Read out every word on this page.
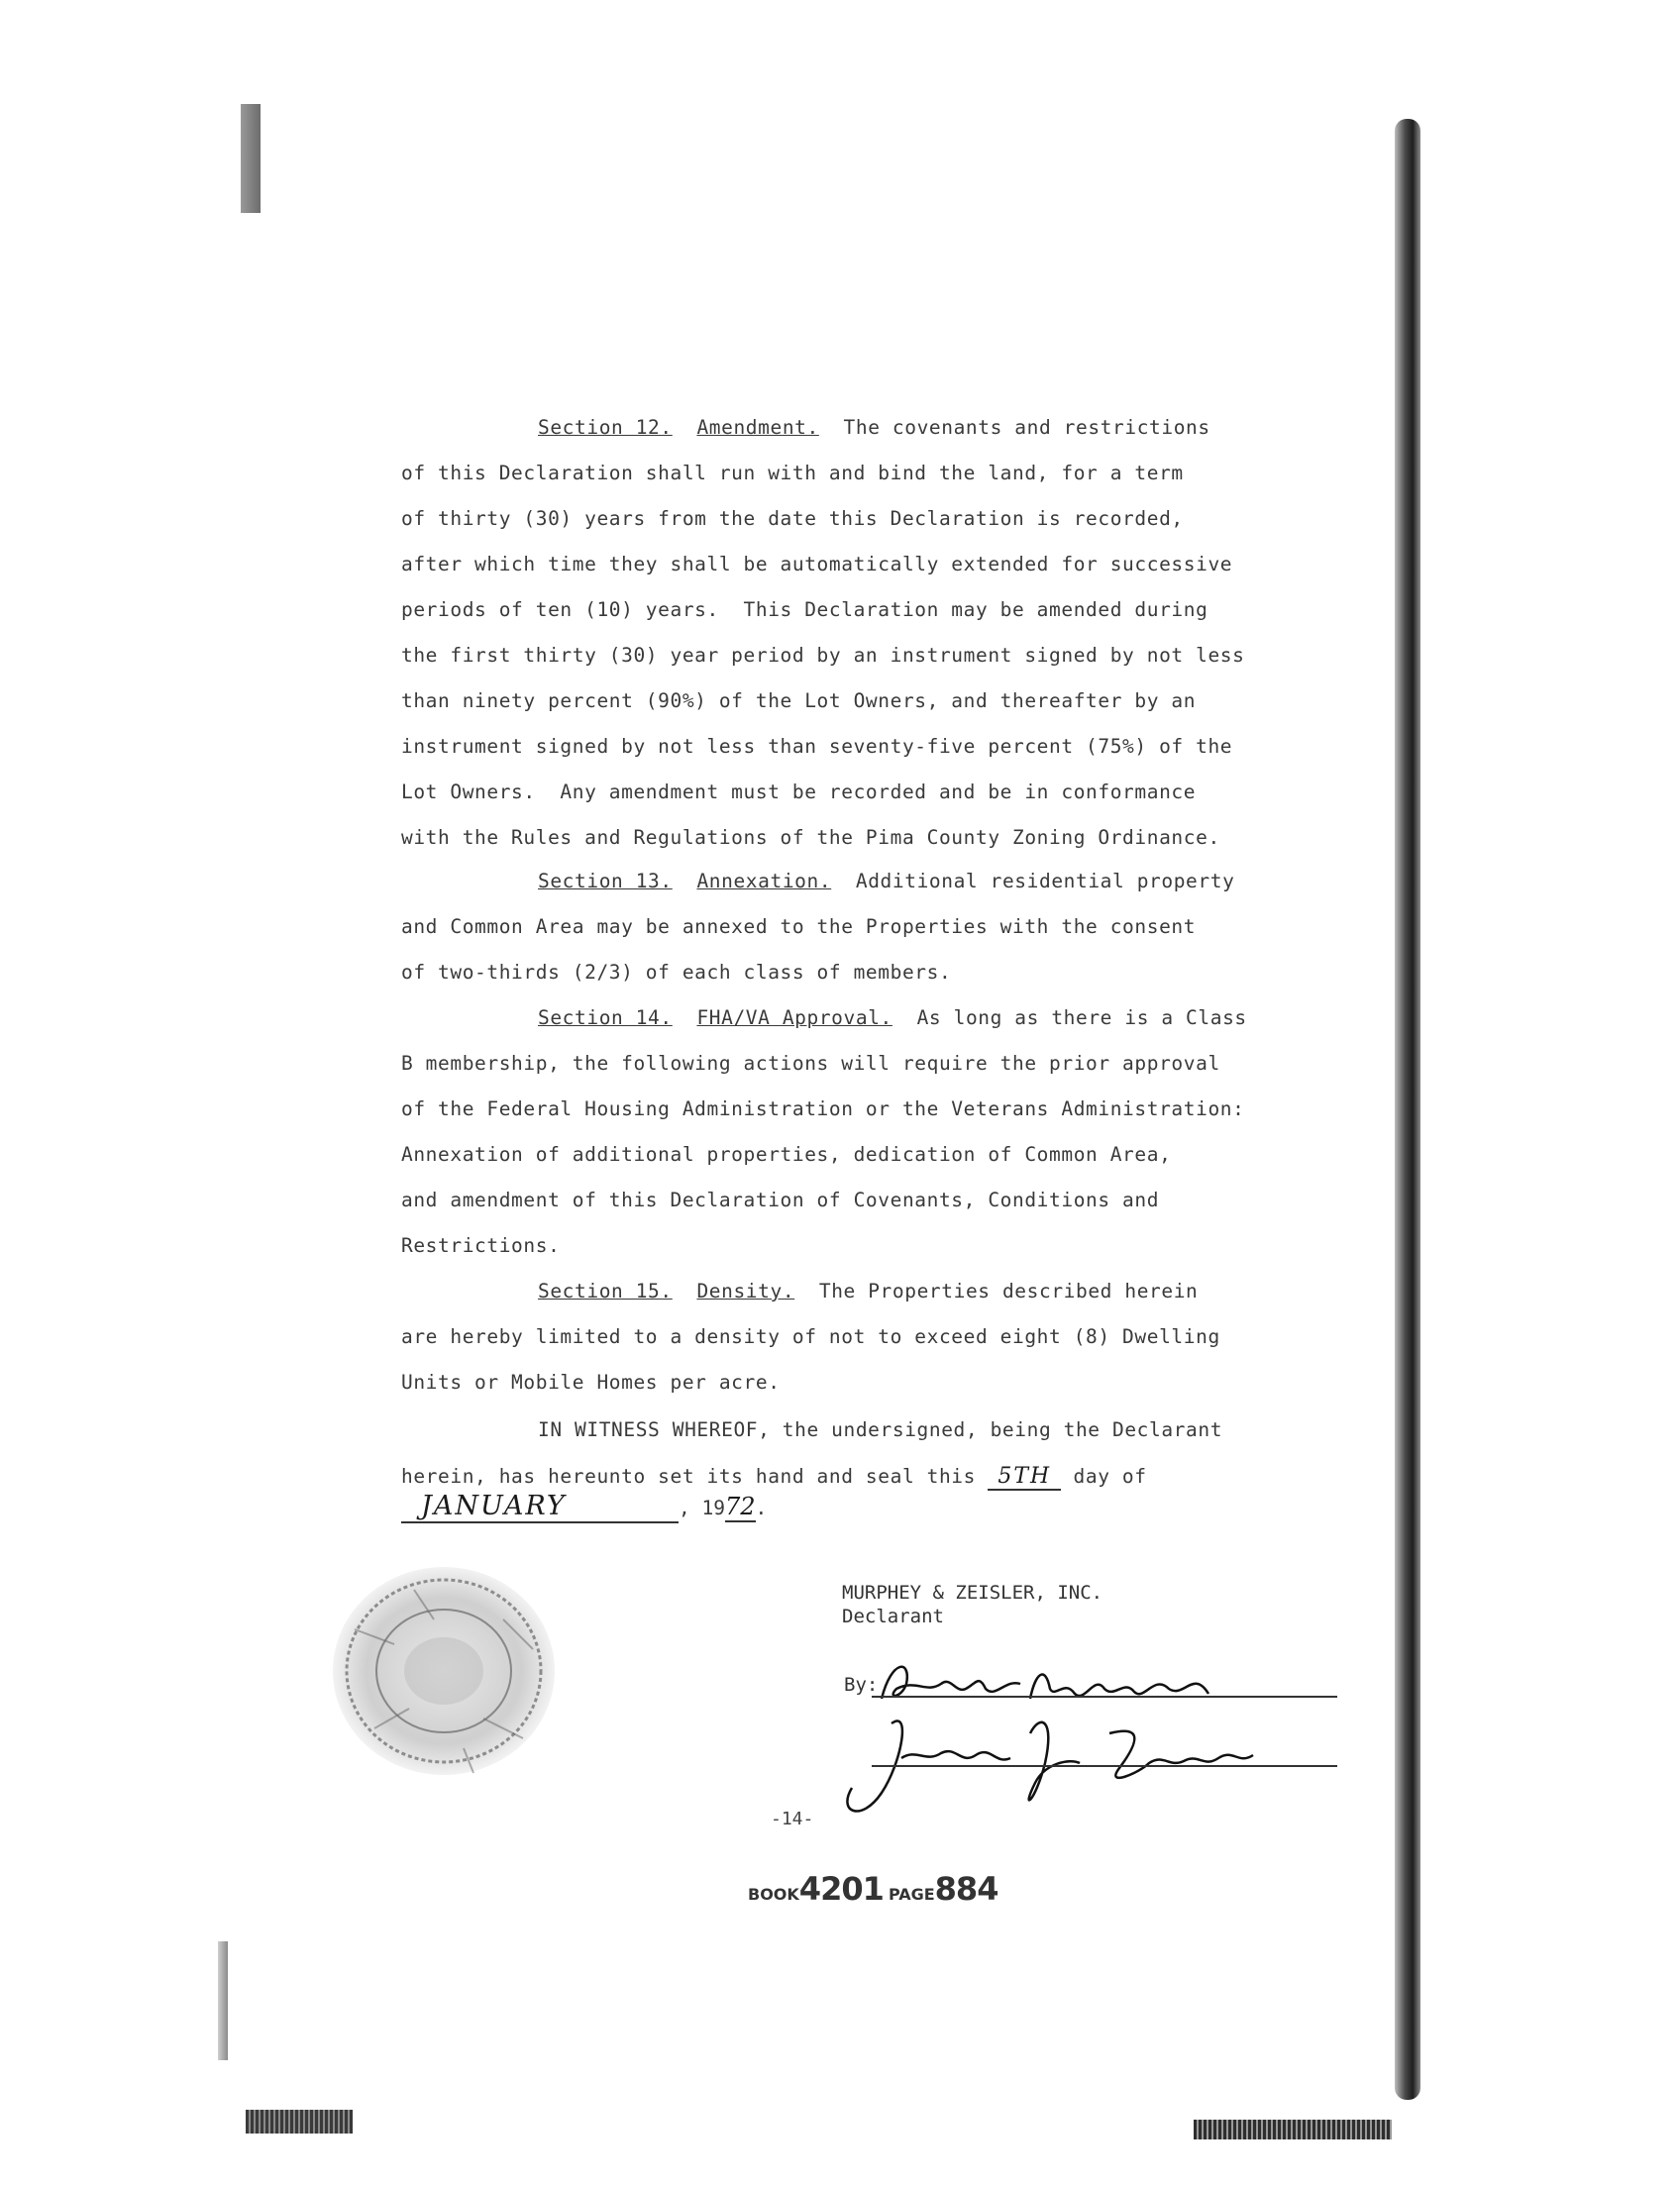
Section 12. Amendment. The covenants and restrictions
of this Declaration shall run with and bind the land, for a term
of thirty (30) years from the date this Declaration is recorded,
after which time they shall be automatically extended for successive
periods of ten (10) years.  This Declaration may be amended during
the first thirty (30) year period by an instrument signed by not less
than ninety percent (90%) of the Lot Owners, and thereafter by an
instrument signed by not less than seventy-five percent (75%) of the
Lot Owners.  Any amendment must be recorded and be in conformance
with the Rules and Regulations of the Pima County Zoning Ordinance.
Section 13. Annexation. Additional residential property
and Common Area may be annexed to the Properties with the consent
of two-thirds (2/3) of each class of members.
Section 14. FHA/VA Approval. As long as there is a Class
B membership, the following actions will require the prior approval
of the Federal Housing Administration or the Veterans Administration:
Annexation of additional properties, dedication of Common Area,
and amendment of this Declaration of Covenants, Conditions and
Restrictions.
Section 15. Density. The Properties described herein
are hereby limited to a density of not to exceed eight (8) Dwelling
Units or Mobile Homes per acre.
IN WITNESS WHEREOF, the undersigned, being the Declarant
herein, has hereunto set its hand and seal this 5TH day of
JANUARY	, 1972.
MURPHEY & ZEISLER, INC.
Declarant
By:
-14-
BOOK4201 PAGE884
